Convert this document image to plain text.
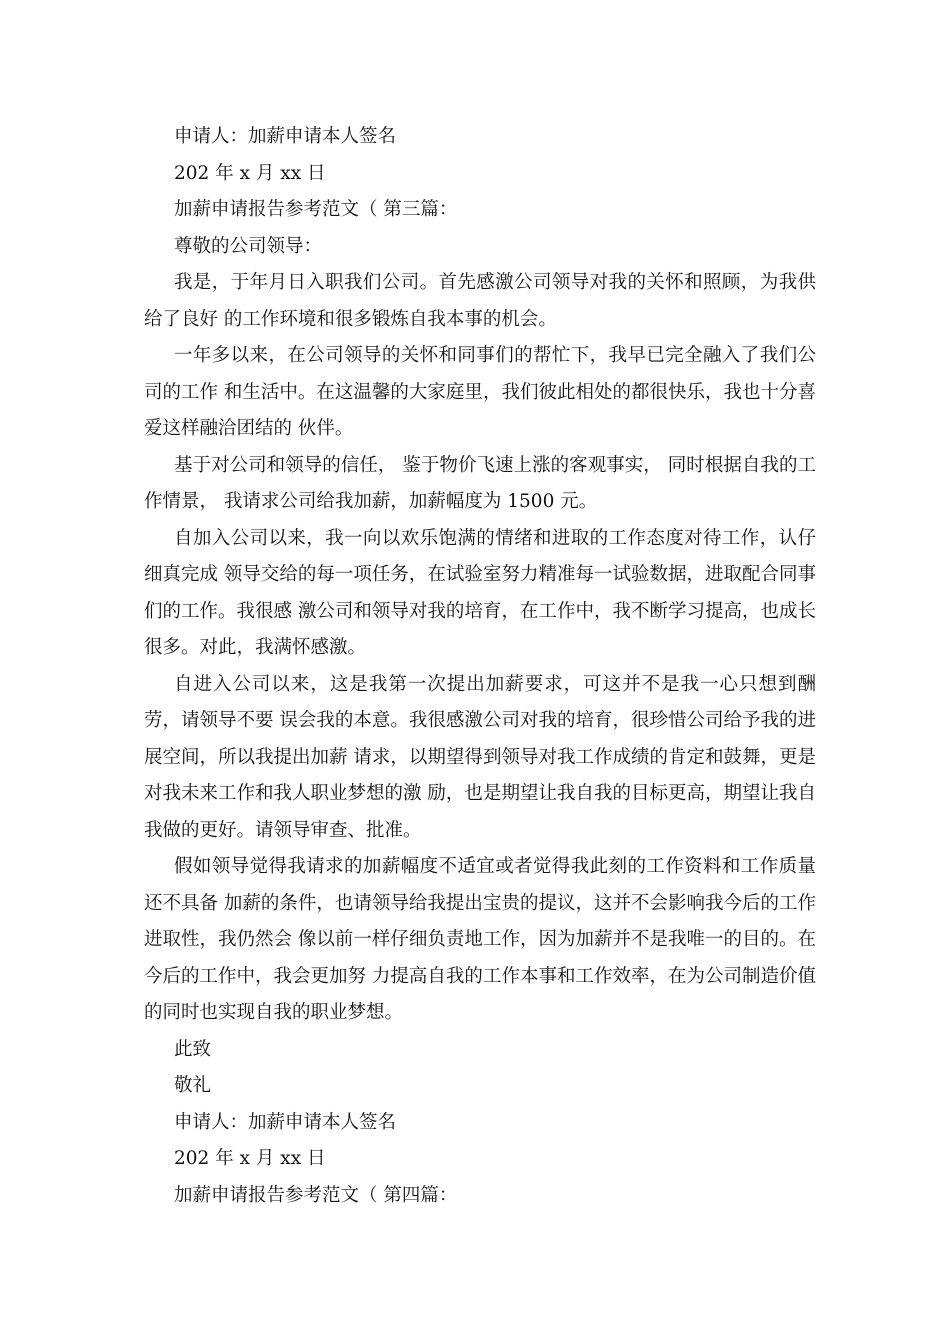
申请人：加薪申请本人签名
202 年 x 月 xx 日
加薪申请报告参考范文（ 第三篇：
尊敬的公司领导：

我是，于年月日入职我们公司。首先感激公司领导对我的关怀和照顾，为我供给了良好 的工作环境和很多锻炼自我本事的机会。

一年多以来，在公司领导的关怀和同事们的帮忙下，我早已完全融入了我们公司的工作 和生活中。在这温馨的大家庭里，我们彼此相处的都很快乐，我也十分喜爱这样融洽团结的 伙伴。

基于对公司和领导的信任， 鉴于物价飞速上涨的客观事实， 同时根据自我的工作情景， 我请求公司给我加薪，加薪幅度为 1500 元。

自加入公司以来，我一向以欢乐饱满的情绪和进取的工作态度对待工作，认仔细真完成 领导交给的每一项任务，在试验室努力精准每一试验数据，进取配合同事们的工作。我很感 激公司和领导对我的培育，在工作中，我不断学习提高，也成长很多。对此，我满怀感激。

自进入公司以来，这是我第一次提出加薪要求，可这并不是我一心只想到酬劳，请领导不要 误会我的本意。我很感激公司对我的培育，很珍惜公司给予我的进展空间，所以我提出加薪 请求，以期望得到领导对我工作成绩的肯定和鼓舞，更是对我未来工作和我人职业梦想的激 励，也是期望让我自我的目标更高，期望让我自我做的更好。请领导审查、批准。

假如领导觉得我请求的加薪幅度不适宜或者觉得我此刻的工作资料和工作质量还不具备 加薪的条件，也请领导给我提出宝贵的提议，这并不会影响我今后的工作进取性，我仍然会 像以前一样仔细负责地工作，因为加薪并不是我唯一的目的。在今后的工作中，我会更加努 力提高自我的工作本事和工作效率，在为公司制造价值的同时也实现自我的职业梦想。

此致
敬礼
申请人：加薪申请本人签名
202 年 x 月 xx 日
加薪申请报告参考范文（ 第四篇：
